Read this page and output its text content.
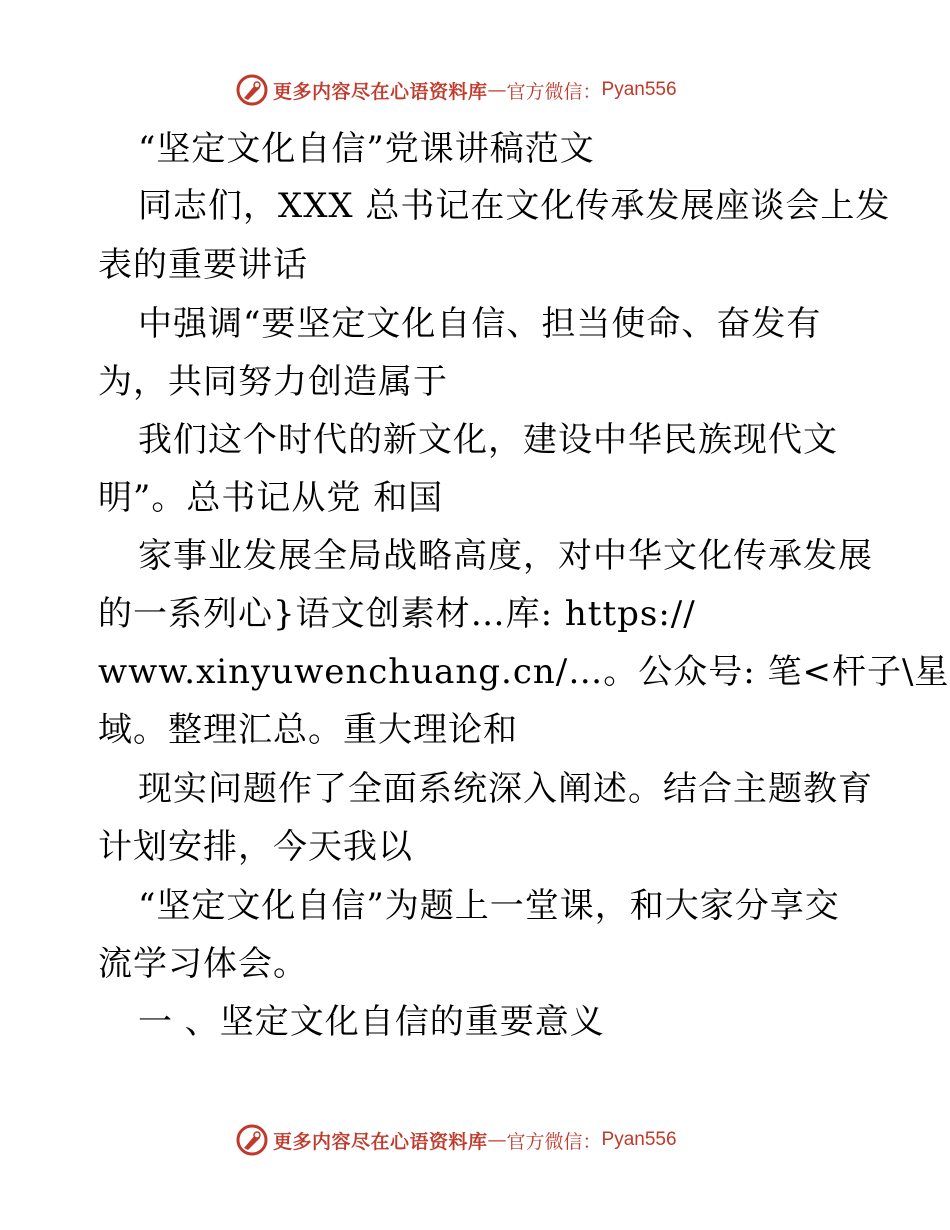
更多内容尽在心语资料库 — 官方微信： Pyan556
“坚定文化自信”党课讲稿范文
同志们，XXX 总书记在文化传承发展座谈会上发
表的重要讲话
中强调“要坚定文化自信、担当使命、奋发有
为，共同努力创造属于
我们这个时代的新文化，建设中华民族现代文
明”。总书记从党 和国
家事业发展全局战略高度，对中华文化传承发展
的一系列心}语文创素材…库: https://
www.xinyuwenchuang.cn/…。公众号: 笔<杆子\星
域。整理汇总。重大理论和
现实问题作了全面系统深入阐述。结合主题教育
计划安排，今天我以
“坚定文化自信”为题上一堂课，和大家分享交
流学习体会。
一 、坚定文化自信的重要意义
更多内容尽在心语资料库 — 官方微信： Pyan556
